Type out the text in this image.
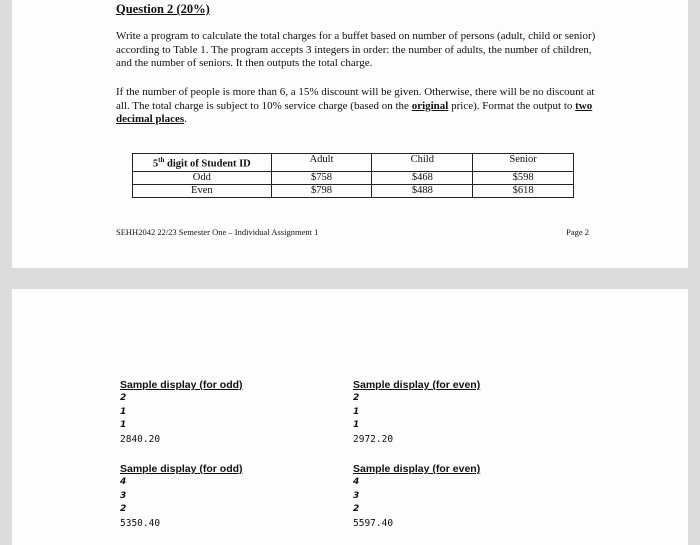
Question 2 (20%)

Write a program to calculate the total charges for a buffet based on number of persons (adult, child or senior) according to Table 1. The program accepts 3 integers in order: the number of adults, the number of children, and the number of seniors. It then outputs the total charge.

If the number of people is more than 6, a 15% discount will be given. Otherwise, there will be no discount at all. The total charge is subject to 10% service charge (based on the original price). Format the output to two decimal places.

5th digit of Student ID	Adult	Child	Senior
Odd	$758	$468	$598
Even	$798	$488	$618
SEHH2042 22/23 Semester One – Individual Assignment 1	Page 2
Sample display (for odd)
2
1
1
2840.20
Sample display (for even)
2
1
1
2972.20
Sample display (for odd)
4
3
2
5350.40
Sample display (for even)
4
3
2
5597.40
